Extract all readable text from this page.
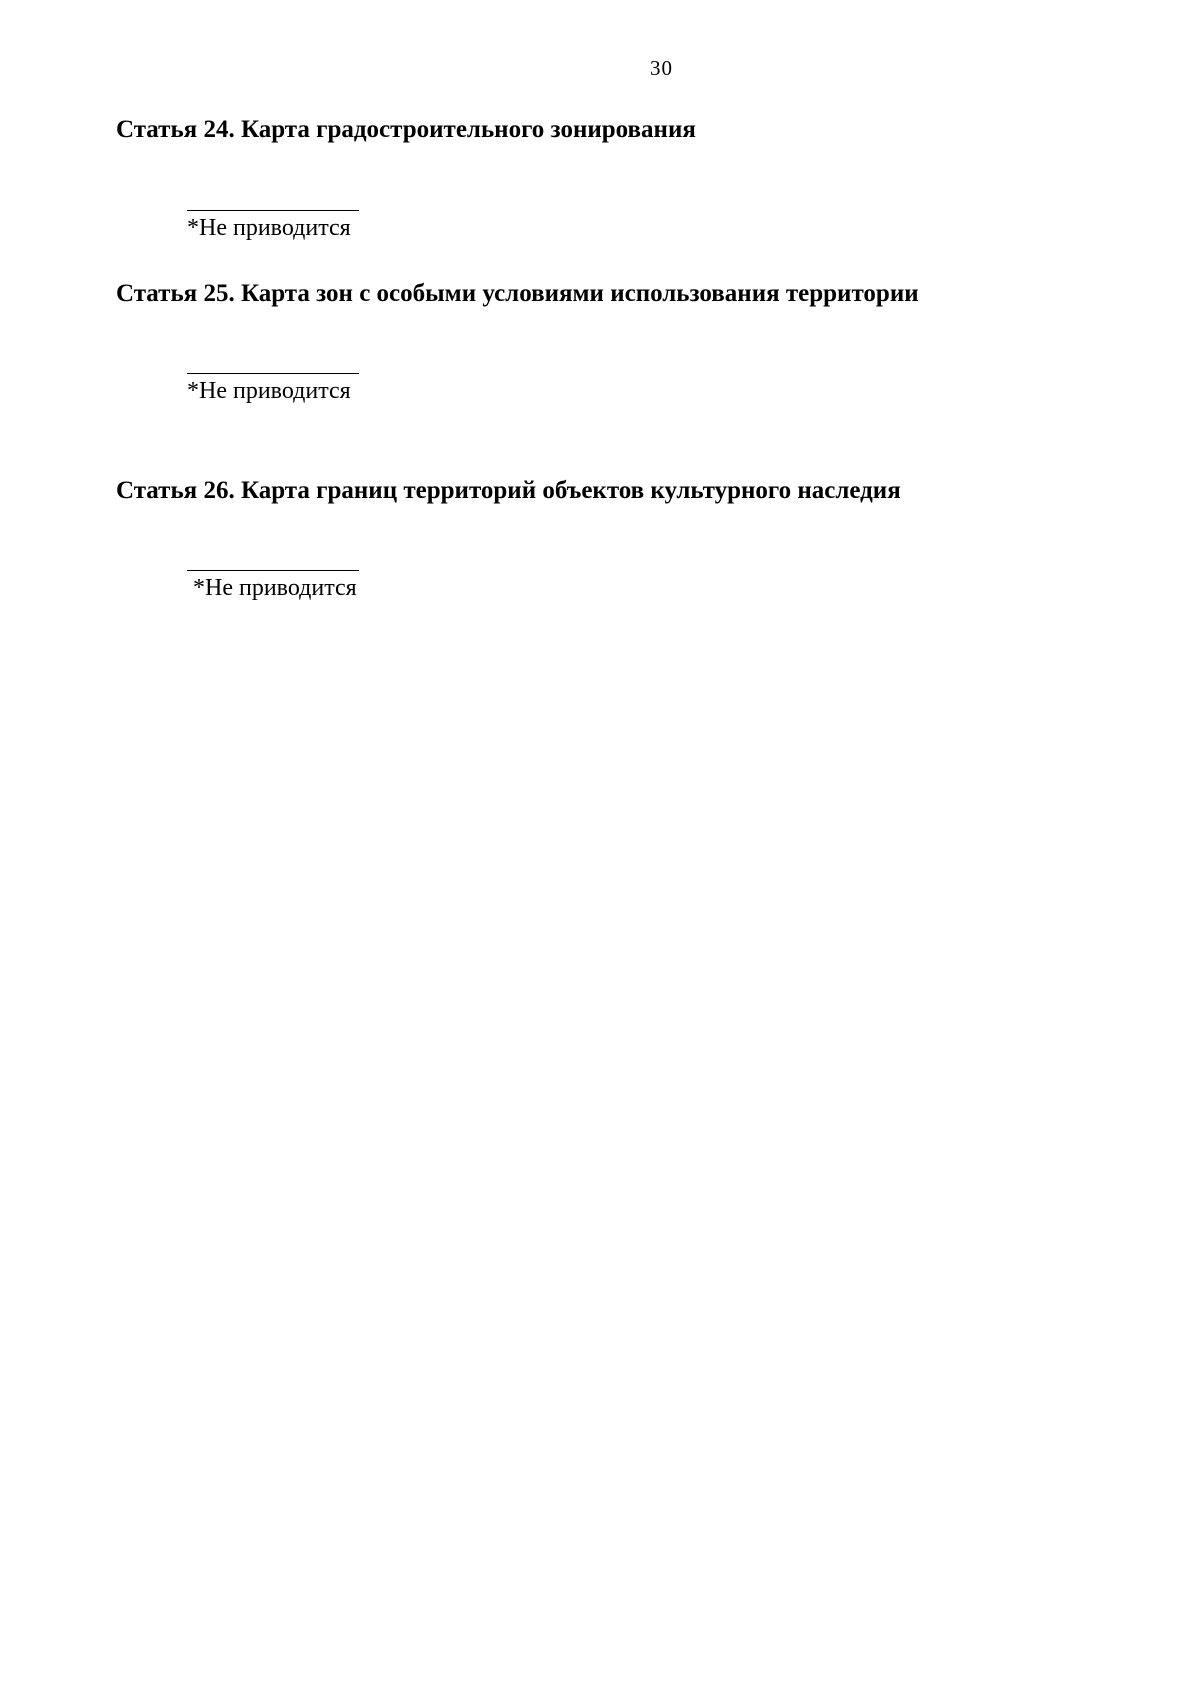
30
Статья 24. Карта градостроительного зонирования
*Не приводится
Статья 25. Карта зон с особыми условиями использования территории
*Не приводится
Статья 26. Карта границ территорий объектов культурного наследия
*Не приводится
